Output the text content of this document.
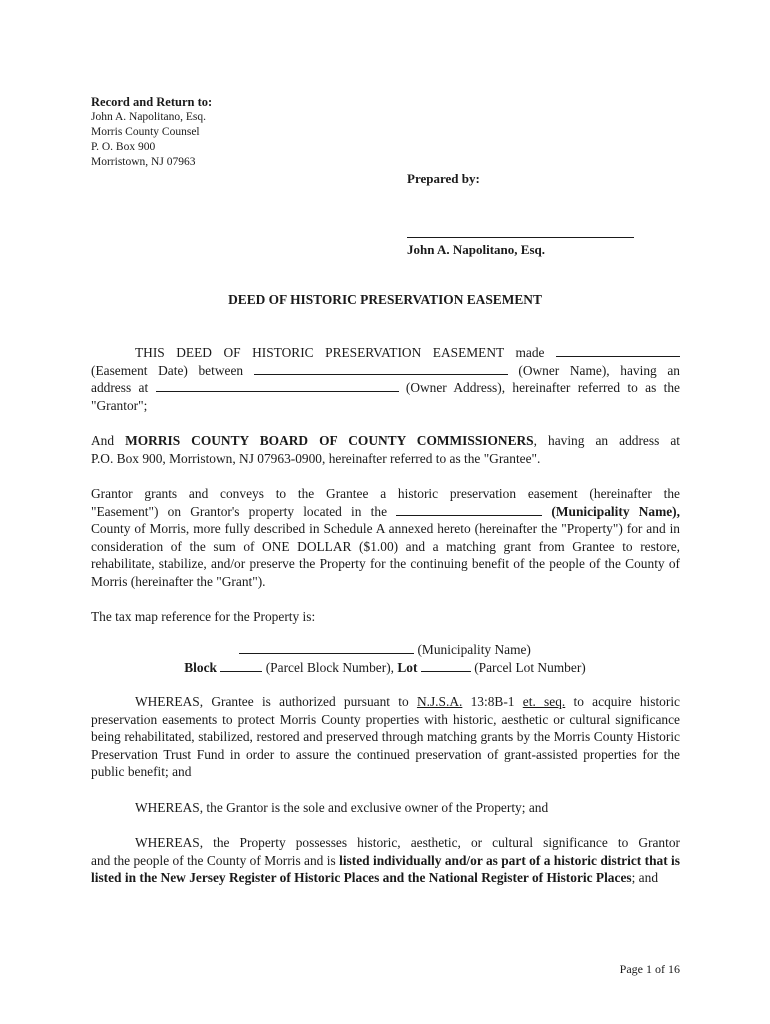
Record and Return to:
John A. Napolitano, Esq.
Morris County Counsel
P. O. Box 900
Morristown, NJ 07963
Prepared by:
John A. Napolitano, Esq.
DEED OF HISTORIC PRESERVATION EASEMENT
THIS DEED OF HISTORIC PRESERVATION EASEMENT made
(Easement Date) between	(Owner Name), having an
address at	(Owner Address), hereinafter referred to as the
"Grantor";
And MORRIS COUNTY BOARD OF COUNTY COMMISSIONERS, having an address at
P.O. Box 900, Morristown, NJ 07963-0900, hereinafter referred to as the "Grantee".
Grantor grants and conveys to the Grantee a historic preservation easement (hereinafter the
"Easement") on Grantor's property located in the	(Municipality Name),
County of Morris, more fully described in Schedule A annexed hereto (hereinafter the "Property") for and in consideration of the sum of ONE DOLLAR ($1.00) and a matching grant from Grantee to restore, rehabilitate, stabilize, and/or preserve the Property for the continuing benefit of the people of the County of Morris (hereinafter the "Grant").
The tax map reference for the Property is:
(Municipality Name)
Block	(Parcel Block Number), Lot	(Parcel Lot Number)
WHEREAS, Grantee is authorized pursuant to N.J.S.A. 13:8B-1 et. seq. to acquire historic
preservation easements to protect Morris County properties with historic, aesthetic or cultural significance being rehabilitated, stabilized, restored and preserved through matching grants by the Morris County Historic Preservation Trust Fund in order to assure the continued preservation of grant-assisted properties for the public benefit; and
WHEREAS, the Grantor is the sole and exclusive owner of the Property; and
WHEREAS, the Property possesses historic, aesthetic, or cultural significance to Grantor
and the people of the County of Morris and is listed individually and/or as part of a historic district that is listed in the New Jersey Register of Historic Places and the National Register of Historic Places; and
Page 1 of 16
